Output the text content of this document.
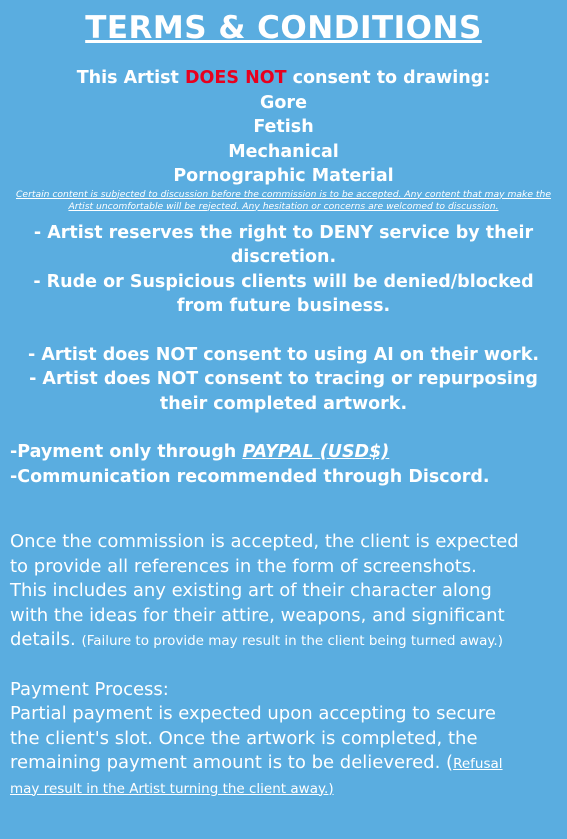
TERMS & CONDITIONS
This Artist DOES NOT consent to drawing:
Gore
Fetish
Mechanical
Pornographic Material
Certain content is subjected to discussion before the commission is to be accepted. Any content that may make the Artist uncomfortable will be rejected. Any hesitation or concerns are welcomed to discussion.
- Artist reserves the right to DENY service by their
discretion.
- Rude or Suspicious clients will be denied/blocked
from future business.
- Artist does NOT consent to using AI on their work.
- Artist does NOT consent to tracing or repurposing
their completed artwork.
-Payment only through PAYPAL (USD$)
-Communication recommended through Discord.
Once the commission is accepted, the client is expected
to provide all references in the form of screenshots.
This includes any existing art of their character along
with the ideas for their attire, weapons, and significant
details. (Failure to provide may result in the client being turned away.)
Payment Process:
Partial payment is expected upon accepting to secure
the client's slot. Once the artwork is completed, the
remaining payment amount is to be delievered. (Refusal
may result in the Artist turning the client away.)
